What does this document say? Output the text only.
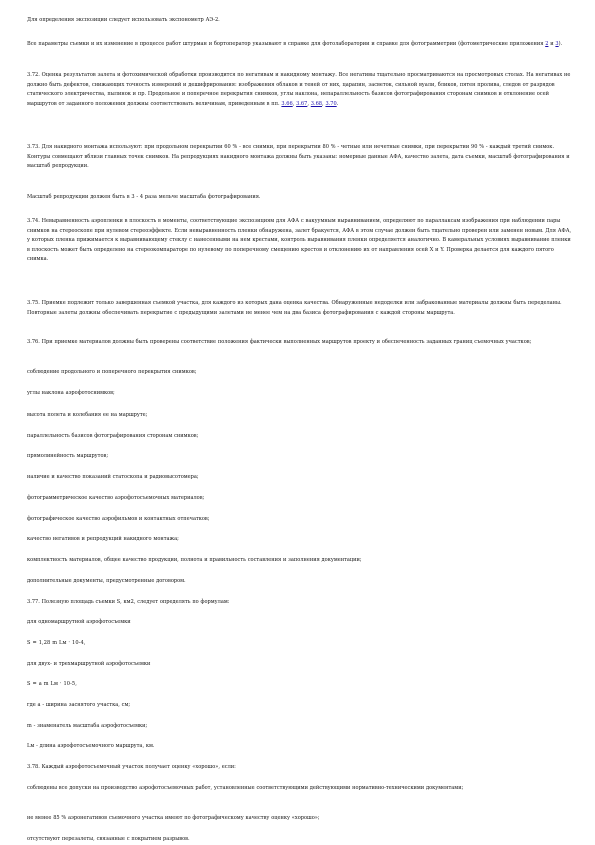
Для определения экспозиции следует использовать экспонометр АЭ-2.

Все параметры съемки и их изменение в процессе работ штурман и бортоператор указывают в справке для фотолаборатории и справке для фотограмметрии (фотометрические приложения 2 и 3).

3.72. Оценка результатов залета и фотохимической обработки производится по негативам и накидному монтажу. Все негативы тщательно просматриваются на просмотровых столах. На негативах не должно быть дефектов, снижающих точность измерений и дешифрирования: изображения облаков и теней от них, царапин, засветок, сильной вуали, бликов, пятен пролива, следов от разрядов статического электричества, пылинок и пр. Продольное и поперечное перекрытия снимков, углы наклона, непараллельность базисов фотографирования сторонам снимков и отклонение осей маршрутов от заданного положения должны соответствовать величинам, приведенным в пп. 3.66, 3.67, 3.68, 3.70.

3.73. Для накидного монтажа используют: при продольном перекрытии 60 % - все снимки, при перекрытии 80 % - четные или нечетные снимки, при перекрытии 90 % - каждый третий снимок. Контуры совмещают вблизи главных точек снимков. На репродукциях накидного монтажа должны быть указаны: номерные данные АФА, качество залета, дата съемки, масштаб фотографирования и масштаб репродукции.

Масштаб репродукции должен быть в 3 - 4 раза мельче масштаба фотографирования.

3.74. Невыравненность аэропленки в плоскость в моменты, соответствующие экспозициям для АФА с вакуумным выравниванием, определяют по параллаксам изображения при наблюдении пары снимков на стереоскопе при нулевом стереоэффекте. Если невыравненность пленки обнаружена, залет бракуется, АФА в этом случае должен быть тщательно проверен или заменен новым. Для АФА, у которых пленка прижимается к выравнивающему стеклу с нанесенными на нем крестами, контроль выравнивания пленки определяется аналогично. В камеральных условиях выравнивание пленки в плоскость может быть определено на стереокомпараторе по нулевому по поперечному смещению крестов и отклонению их от направления осей X и Y. Проверка делается для каждого пятого снимка.

3.75. Приемке подлежит только завершенная съемкой участка, для каждого из которых дана оценка качества. Обнаруженные недоделки или забракованные материалы должны быть переделаны. Повторные залеты должны обеспечивать перекрытие с предыдущими залетами не менее чем на два базиса фотографирования с каждой стороны маршрута.

3.76. При приемке материалов должны быть проверены соответствие положения фактически выполненных маршрутов проекту и обеспеченность заданных границ съемочных участков;

соблюдение продольного и поперечного перекрытия снимков;

углы наклона аэрофотоснимков;

высота полета и колебания ее на маршруте;

параллельность базисов фотографирования сторонам снимков;

прямолинейность маршрутов;

наличие и качество показаний статоскопа и радиовысотомера;

фотограмметрическое качество аэрофотосъемочных материалов;

фотографическое качество аэрофильмов и контактных отпечатков;

качество негативов и репродукций накидного монтажа;

комплектность материалов, общее качество продукции, полнота и правильность составления и заполнения документации;

дополнительные документы, предусмотренные договором.

3.77. Полезную площадь съемки S, км2, следует определять по формулам:

для одномаршрутной аэрофотосъемки

S = 1,28 m Lм · 10-4,

для двух- и трехмаршрутной аэрофотосъемки

S = a m Lм · 10-5,

где a - ширина заснятого участка, см;

m - знаменатель масштаба аэрофотосъемки;

Lм - длина аэрофотосъемочного маршрута, км.

3.78. Каждый аэрофотосъемочный участок получает оценку «хорошо», если:

соблюдены все допуски на производство аэрофотосъемочных работ, установленные соответствующими действующими нормативно-техническими документами;

не менее 85 % аэронегативов съемочного участка имеют по фотографическому качеству оценку «хорошо»;

отсутствуют перезалеты, связанные с покрытием разрывов.
